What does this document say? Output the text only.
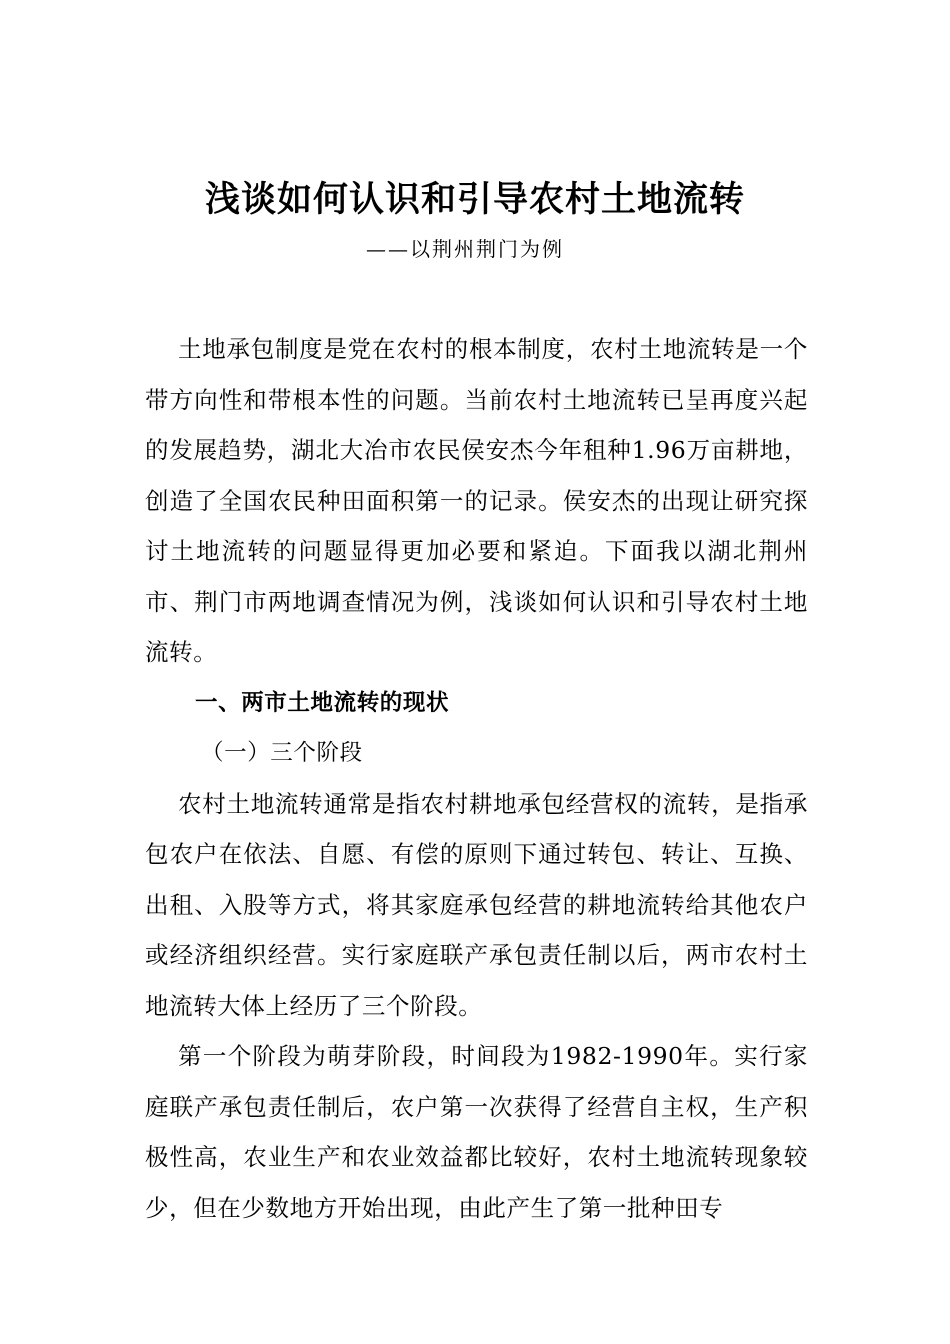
浅谈如何认识和引导农村土地流转
——以荆州荆门为例

土地承包制度是党在农村的根本制度，农村土地流转是一个带方向性和带根本性的问题。当前农村土地流转已呈再度兴起的发展趋势，湖北大冶市农民侯安杰今年租种1.96万亩耕地，创造了全国农民种田面积第一的记录。侯安杰的出现让研究探讨土地流转的问题显得更加必要和紧迫。下面我以湖北荆州市、荆门市两地调查情况为例，浅谈如何认识和引导农村土地流转。

一、两市土地流转的现状

（一）三个阶段

农村土地流转通常是指农村耕地承包经营权的流转，是指承包农户在依法、自愿、有偿的原则下通过转包、转让、互换、出租、入股等方式，将其家庭承包经营的耕地流转给其他农户或经济组织经营。实行家庭联产承包责任制以后，两市农村土地流转大体上经历了三个阶段。

第一个阶段为萌芽阶段，时间段为1982-1990年。实行家庭联产承包责任制后，农户第一次获得了经营自主权，生产积极性高，农业生产和农业效益都比较好，农村土地流转现象较少，但在少数地方开始出现，由此产生了第一批种田专
